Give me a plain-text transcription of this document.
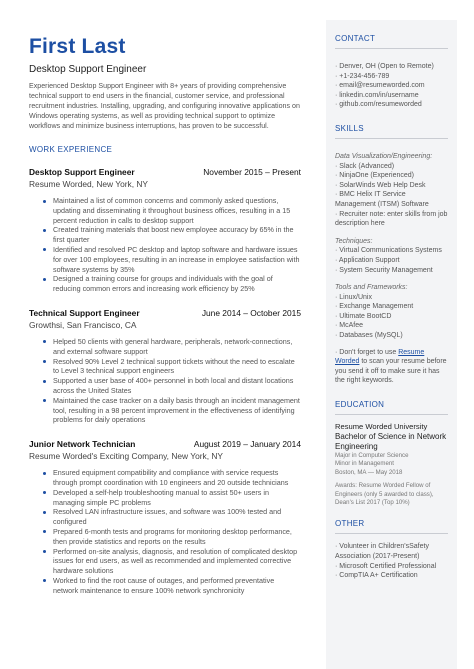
First Last
Desktop Support Engineer
Experienced Desktop Support Engineer with 8+ years of providing comprehensive technical support to end users in the financial, customer service, and professional recruitment industries. Installing, upgrading, and configuring innovative applications on Windows operating systems, as well as providing technical support to optimize workflows and minimize business interruptions, has proven to be successful.
WORK EXPERIENCE
Desktop Support Engineer	November 2015 – Present
Resume Worded, New York, NY
Maintained a list of common concerns and commonly asked questions, updating and disseminating it throughout business offices, resulting in a 15 percent reduction in calls to desktop support
Created training materials that boost new employee accuracy by 65% in the first quarter
Identified and resolved PC desktop and laptop software and hardware issues for over 100 employees, resulting in an increase in employee satisfaction with software systems by 35%
Designed a training course for groups and individuals with the goal of reducing common errors and increasing work efficiency by 25%
Technical Support Engineer	June 2014 – October 2015
Growthsi, San Francisco, CA
Helped 50 clients with general hardware, peripherals, network-connections, and external software support
Resolved 90% Level 2 technical support tickets without the need to escalate to Level 3 technical support engineers
Supported a user base of 400+ personnel in both local and distant locations across the United States
Maintained the case tracker on a daily basis through an incident management tool, resulting in a 98 percent improvement in the effectiveness of identifying problems for daily operations
Junior Network Technician	August 2019 – January 2014
Resume Worded's Exciting Company, New York, NY
Ensured equipment compatibility and compliance with service requests through prompt coordination with 10 engineers and 20 outside technicians
Developed a self-help troubleshooting manual to assist 50+ users in managing simple PC problems
Resolved LAN infrastructure issues, and software was 100% tested and configured
Prepared 6-month tests and programs for monitoring desktop performance, then provide statistics and reports on the results
Performed on-site analysis, diagnosis, and resolution of complicated desktop issues for end users, as well as recommended and implemented corrective hardware solutions
Worked to find the root cause of outages, and performed preventative network maintenance to ensure 100% network synchronicity
CONTACT
· Denver, OH (Open to Remote)
· +1-234-456-789
· email@resumeworded.com
· linkedin.com/in/username
· github.com/resumeworded
SKILLS
Data Visualization/Engineering:
· Slack (Advanced)
· NinjaOne (Experienced)
· SolarWinds Web Help Desk
· BMC Helix IT Service Management (ITSM) Software
· Recruiter note: enter skills from job description here
Techniques:
· Virtual Communications Systems
· Application Support
· System Security Management
Tools and Frameworks:
· Linux/Unix
· Exchange Management
· Ultimate BootCD
· McAfee
· Databases (MySQL)
· Don't forget to use Resume Worded to scan your resume before you send it off to make sure it has the right keywords.
EDUCATION
Resume Worded University
Bachelor of Science in Network Engineering
Major in Computer Science
Minor in Management
Boston, MA — May 2018
Awards: Resume Worded Fellow of Engineers (only 5 awarded to class), Dean's List 2017 (Top 10%)
OTHER
· Volunteer in Children'sSafety Association (2017-Present)
· Microsoft Certified Professional
· CompTIA A+ Certification
